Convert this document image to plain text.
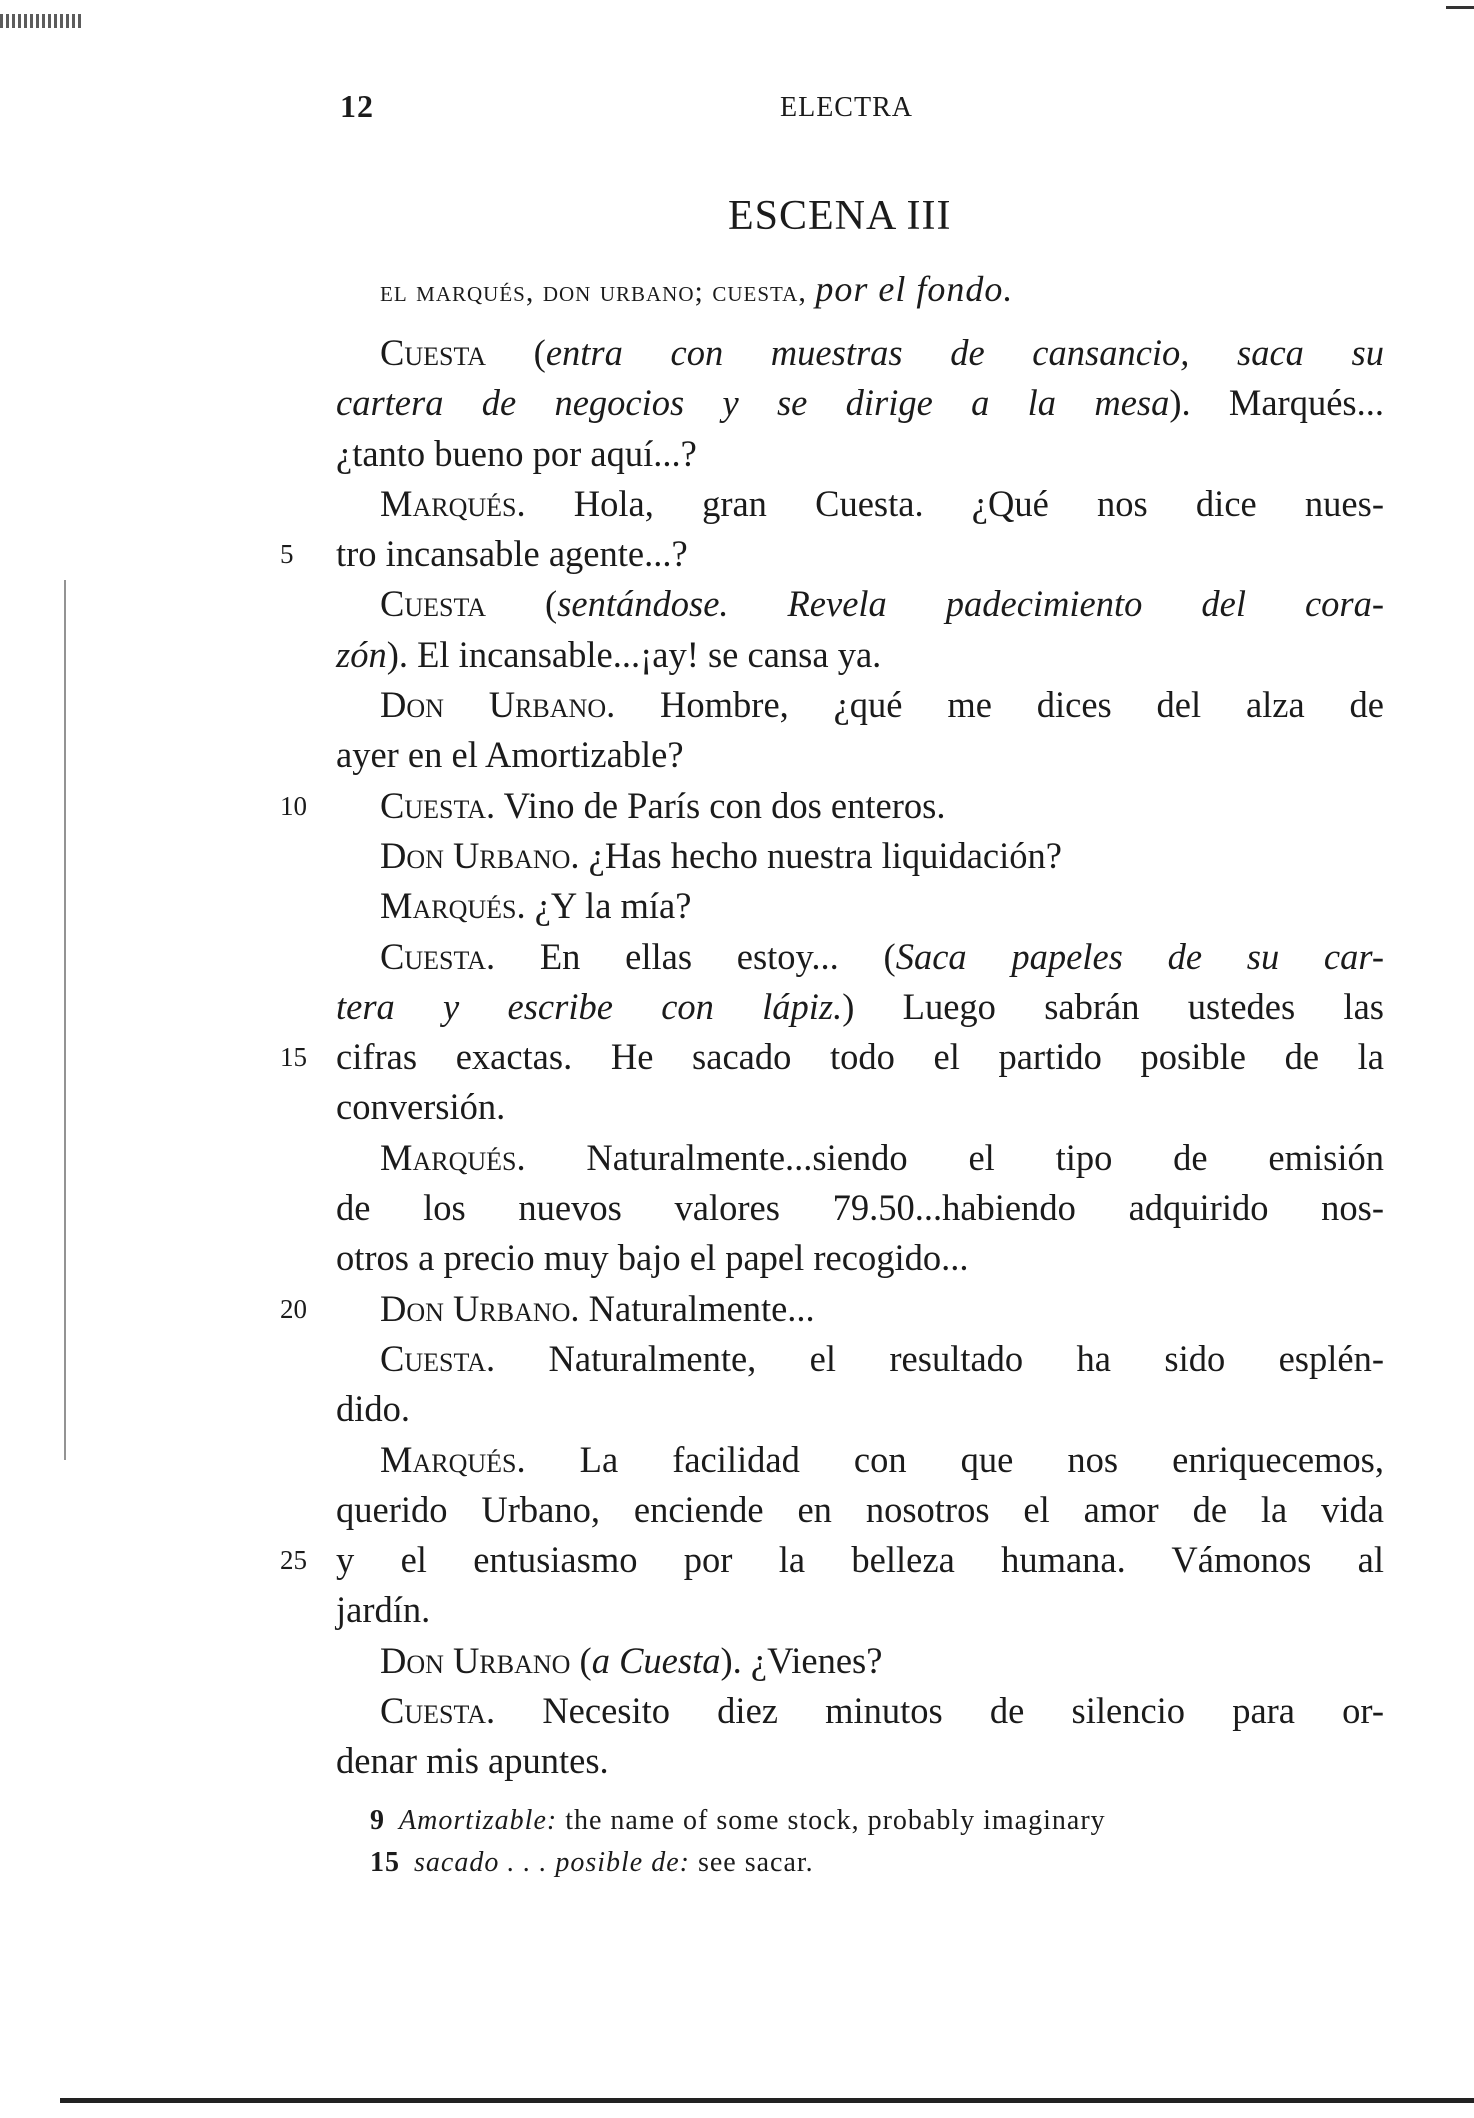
12	ELECTRA
ESCENA III
el marqués, don urbano; cuesta, por el fondo.
Cuesta (entra con muestras de cansancio, saca su
cartera de negocios y se dirige a la mesa). Marqués...
¿tanto bueno por aquí...?
Marqués. Hola, gran Cuesta. ¿Qué nos dice nues-
5	tro incansable agente...?
Cuesta (sentándose. Revela padecimiento del cora-
zón). El incansable...¡ay! se cansa ya.
Don Urbano. Hombre, ¿qué me dices del alza de
ayer en el Amortizable?
10	Cuesta. Vino de París con dos enteros.
Don Urbano. ¿Has hecho nuestra liquidación?
Marqués. ¿Y la mía?
Cuesta. En ellas estoy... (Saca papeles de su car-
tera y escribe con lápiz.) Luego sabrán ustedes las
15 cifras exactas. He sacado todo el partido posible de la
conversión.
Marqués. Naturalmente...siendo el tipo de emisión
de los nuevos valores 79.50...habiendo adquirido nos-
otros a precio muy bajo el papel recogido...
20	Don Urbano. Naturalmente...
Cuesta. Naturalmente, el resultado ha sido esplén-
dido.
Marqués. La facilidad con que nos enriquecemos,
querido Urbano, enciende en nosotros el amor de la vida
25 y el entusiasmo por la belleza humana. Vámonos al
jardín.
Don Urbano (a Cuesta). ¿Vienes?
Cuesta. Necesito diez minutos de silencio para or-
denar mis apuntes.
9 Amortizable: the name of some stock, probably imaginary
15 sacado . . . posible de: see sacar.
